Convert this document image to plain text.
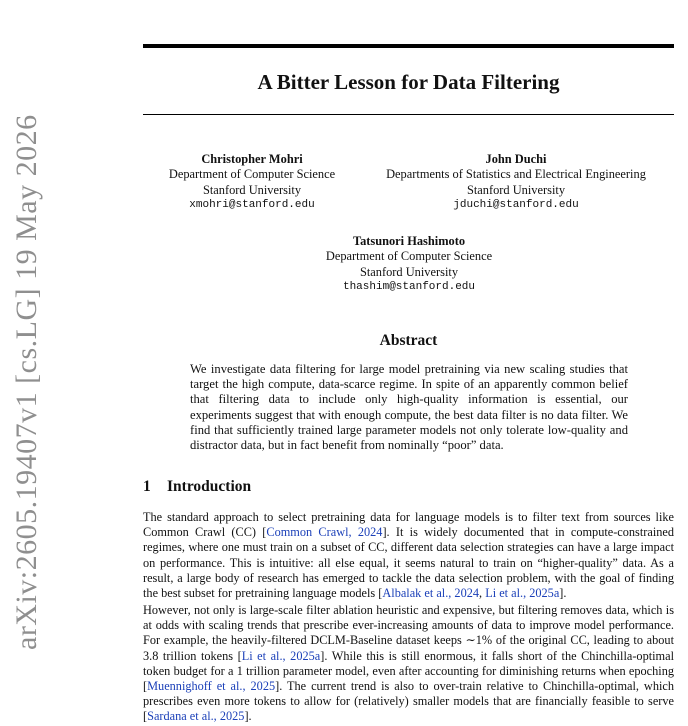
arXiv:2605.19407v1 [cs.LG] 19 May 2026
A Bitter Lesson for Data Filtering
Christopher Mohri
Department of Computer Science
Stanford University
xmohri@stanford.edu
John Duchi
Departments of Statistics and Electrical Engineering
Stanford University
jduchi@stanford.edu
Tatsunori Hashimoto
Department of Computer Science
Stanford University
thashim@stanford.edu
Abstract
We investigate data filtering for large model pretraining via new scaling studies that target the high compute, data-scarce regime. In spite of an apparently common belief that filtering data to include only high-quality information is essential, our experiments suggest that with enough compute, the best data filter is no data filter. We find that sufficiently trained large parameter models not only tolerate low-quality and distractor data, but in fact benefit from nominally “poor” data.
1 Introduction
The standard approach to select pretraining data for language models is to filter text from sources like Common Crawl (CC) [Common Crawl, 2024]. It is widely documented that in compute-constrained regimes, where one must train on a subset of CC, different data selection strategies can have a large impact on performance. This is intuitive: all else equal, it seems natural to train on “higher-quality” data. As a result, a large body of research has emerged to tackle the data selection problem, with the goal of finding the best subset for pretraining language models [Albalak et al., 2024, Li et al., 2025a].
However, not only is large-scale filter ablation heuristic and expensive, but filtering removes data, which is at odds with scaling trends that prescribe ever-increasing amounts of data to improve model performance. For example, the heavily-filtered DCLM-Baseline dataset keeps ∼1% of the original CC, leading to about 3.8 trillion tokens [Li et al., 2025a]. While this is still enormous, it falls short of the Chinchilla-optimal token budget for a 1 trillion parameter model, even after accounting for diminishing returns when epoching [Muennighoff et al., 2025]. The current trend is also to over-train relative to Chinchilla-optimal, which prescribes even more tokens to allow for (relatively) smaller models that are financially feasible to serve [Sardana et al., 2025].
